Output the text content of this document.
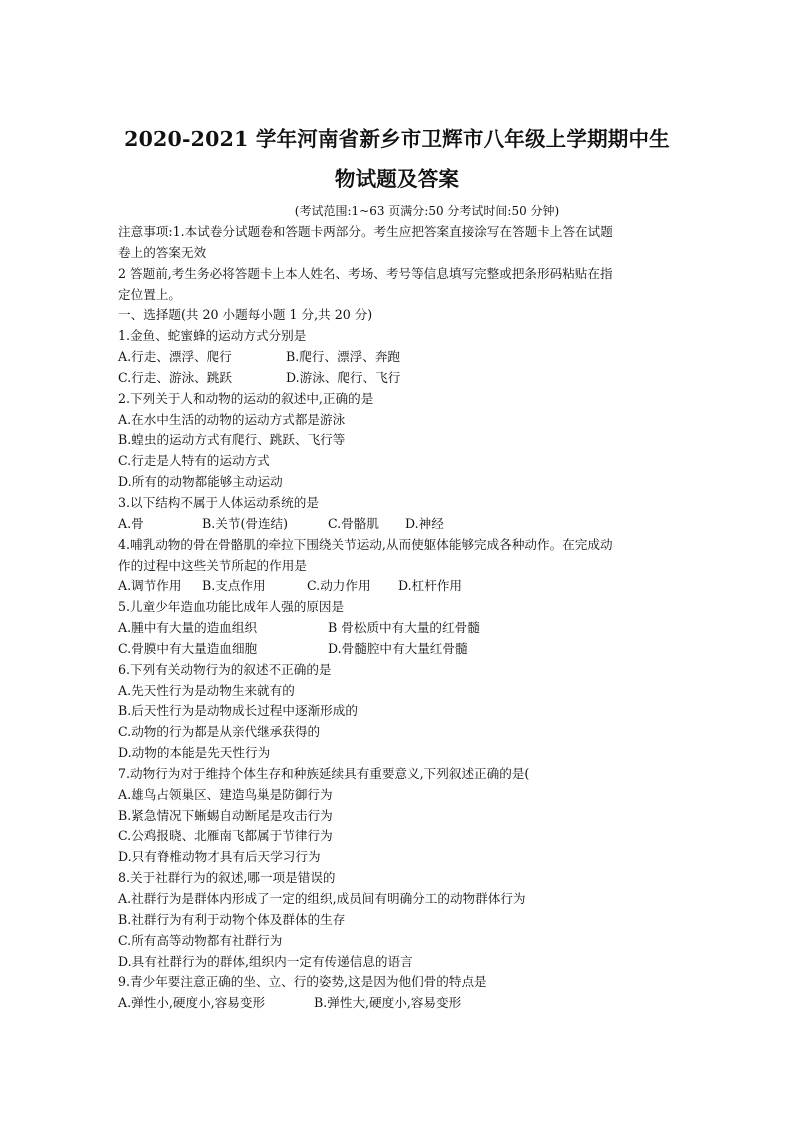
2020-2021 学年河南省新乡市卫辉市八年级上学期期中生
物试题及答案
(考试范围:1~63 页满分:50 分考试时间:50 分钟)
注意事项:1.本试卷分试题卷和答题卡两部分。考生应把答案直接涂写在答题卡上答在试题
卷上的答案无效
2 答题前,考生务必将答题卡上本人姓名、考场、考号等信息填写完整或把条形码粘贴在指
定位置上。
一、选择题(共 20 小题每小题 1 分,共 20 分)
1.金鱼、蛇蜜蜂的运动方式分别是
A.行走、漂浮、爬行	B.爬行、漂浮、奔跑
C.行走、游泳、跳跃	D.游泳、爬行、飞行
2.下列关于人和动物的运动的叙述中,正确的是
A.在水中生活的动物的运动方式都是游泳
B.蝗虫的运动方式有爬行、跳跃、飞行等
C.行走是人特有的运动方式
D.所有的动物都能够主动运动
3.以下结构不属于人体运动系统的是
A.骨	B.关节(骨连结)	C.骨骼肌 D.神经
4.哺乳动物的骨在骨骼肌的牵拉下围绕关节运动,从而使躯体能够完成各种动作。在完成动
作的过程中这些关节所起的作用是
A.调节作用 B.支点作用	C.动力作用 D.杠杆作用
5.儿童少年造血功能比成年人强的原因是
A.腫中有大量的造血组织	B 骨松质中有大量的红骨髓
C.骨膜中有大量造血细胞	D.骨髓腔中有大量红骨髓
6.下列有关动物行为的叙述不正确的是
A.先天性行为是动物生来就有的
B.后天性行为是动物成长过程中逐渐形成的
C.动物的行为都是从亲代继承获得的
D.动物的本能是先天性行为
7.动物行为对于维持个体生存和种族延续具有重要意义,下列叙述正确的是(
A.雄鸟占领巢区、建造鸟巢是防御行为
B.紧急情况下蜥蜴自动断尾是攻击行为
C.公鸡报晓、北雁南飞都属于节律行为
D.只有脊椎动物才具有后天学习行为
8.关于社群行为的叙述,哪一项是错误的
A.社群行为是群体内形成了一定的组织,成员间有明确分工的动物群体行为
B.社群行为有利于动物个体及群体的生存
C.所有高等动物都有社群行为
D.具有社群行为的群体,组织内一定有传递信息的语言
9.青少年要注意正确的坐、立、行的姿势,这是因为他们骨的特点是
A.弹性小,硬度小,容易变形	B.弹性大,硬度小,容易变形
